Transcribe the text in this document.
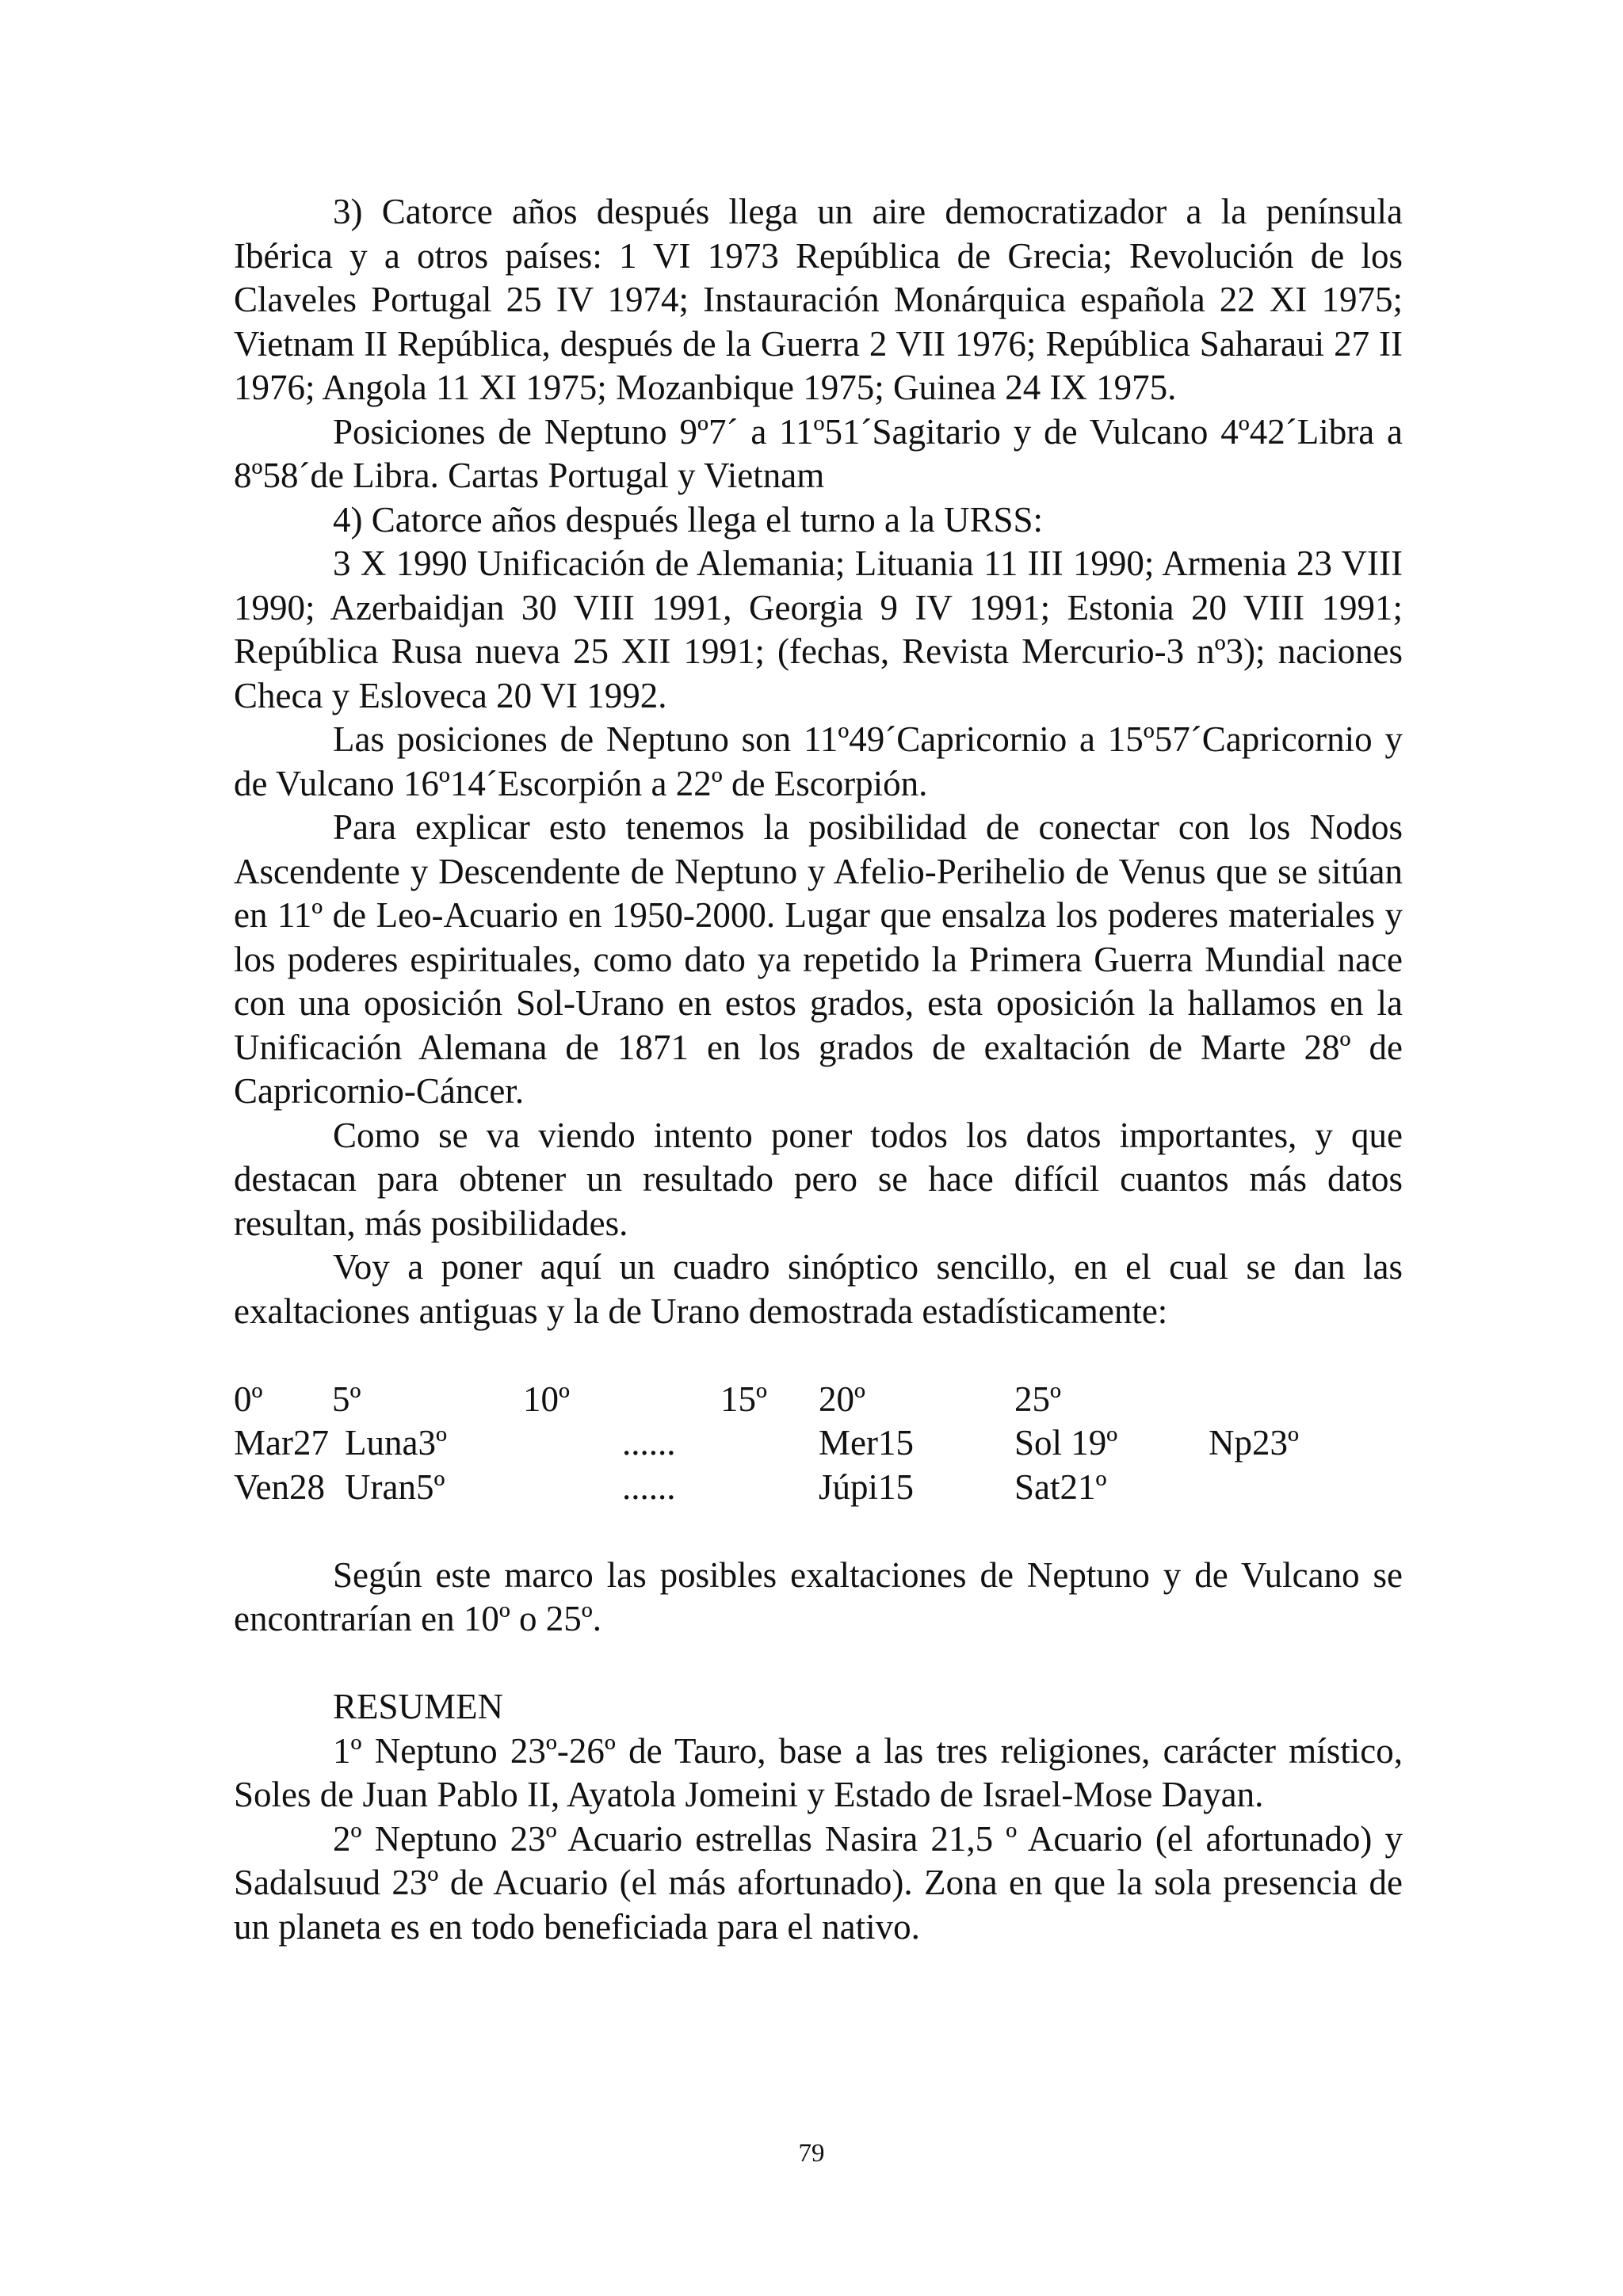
3) Catorce años después llega un aire democratizador a la península Ibérica y a otros países: 1 VI 1973 República de Grecia; Revolución de los Claveles Portugal 25 IV 1974; Instauración Monárquica española 22 XI 1975; Vietnam II República, después de la Guerra 2 VII 1976; República Saharaui 27 II 1976; Angola 11 XI 1975; Mozanbique 1975; Guinea 24 IX 1975.

Posiciones de Neptuno 9º7´ a 11º51´Sagitario y de Vulcano 4º42´Libra a 8º58´de Libra. Cartas Portugal y Vietnam

4) Catorce años después llega el turno a la URSS:

3 X 1990 Unificación de Alemania; Lituania 11 III 1990; Armenia 23 VIII 1990; Azerbaidjan 30 VIII 1991, Georgia 9 IV 1991; Estonia 20 VIII 1991; República Rusa nueva 25 XII 1991; (fechas, Revista Mercurio-3 nº3); naciones Checa y Esloveca 20 VI 1992.

Las posiciones de Neptuno son 11º49´Capricornio a 15º57´Capricornio y de Vulcano 16º14´Escorpión a 22º de Escorpión.

Para explicar esto tenemos la posibilidad de conectar con los Nodos Ascendente y Descendente de Neptuno y Afelio-Perihelio de Venus que se sitúan en 11º de Leo-Acuario en 1950-2000. Lugar que ensalza los poderes materiales y los poderes espirituales, como dato ya repetido la Primera Guerra Mundial nace con una oposición Sol-Urano en estos grados, esta oposición la hallamos en la Unificación Alemana de 1871 en los grados de exaltación de Marte 28º de Capricornio-Cáncer.

Como se va viendo intento poner todos los datos importantes, y que destacan para obtener un resultado pero se hace difícil cuantos más datos resultan, más posibilidades.

Voy a poner aquí un cuadro sinóptico sencillo, en el cual se dan las exaltaciones antiguas y la de Urano demostrada estadísticamente:

0º 5º	10º	15º 20º	25º
Mar27 Luna3º	......	Mer15	Sol 19º	Np23º
Ven28 Uran5º	......	Júpi15	Sat21º

Según este marco las posibles exaltaciones de Neptuno y de Vulcano se encontrarían en 10º o 25º.

RESUMEN

1º Neptuno 23º-26º de Tauro, base a las tres religiones, carácter místico, Soles de Juan Pablo II, Ayatola Jomeini y Estado de Israel-Mose Dayan.

2º Neptuno 23º Acuario estrellas Nasira 21,5 º Acuario (el afortunado) y Sadalsuud 23º de Acuario (el más afortunado). Zona en que la sola presencia de un planeta es en todo beneficiada para el nativo.

79
